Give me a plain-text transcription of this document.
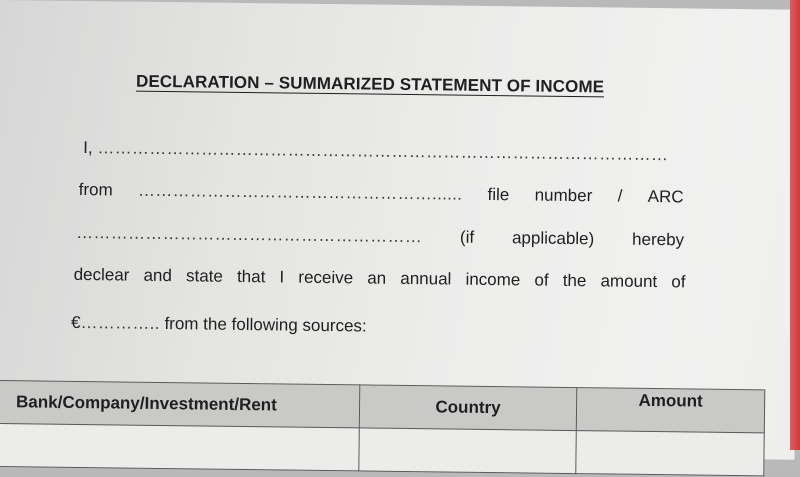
DECLARATION – SUMMARIZED STATEMENT OF INCOME
I, ………………………………………………………………………………………
from ……………………………………………...... file number / ARC
…………………………………………………… (if applicable) hereby
declear and state that I receive an annual income of the amount of
€………….. from the following sources:
Bank/Company/Investment/Rent	Country	Amount
